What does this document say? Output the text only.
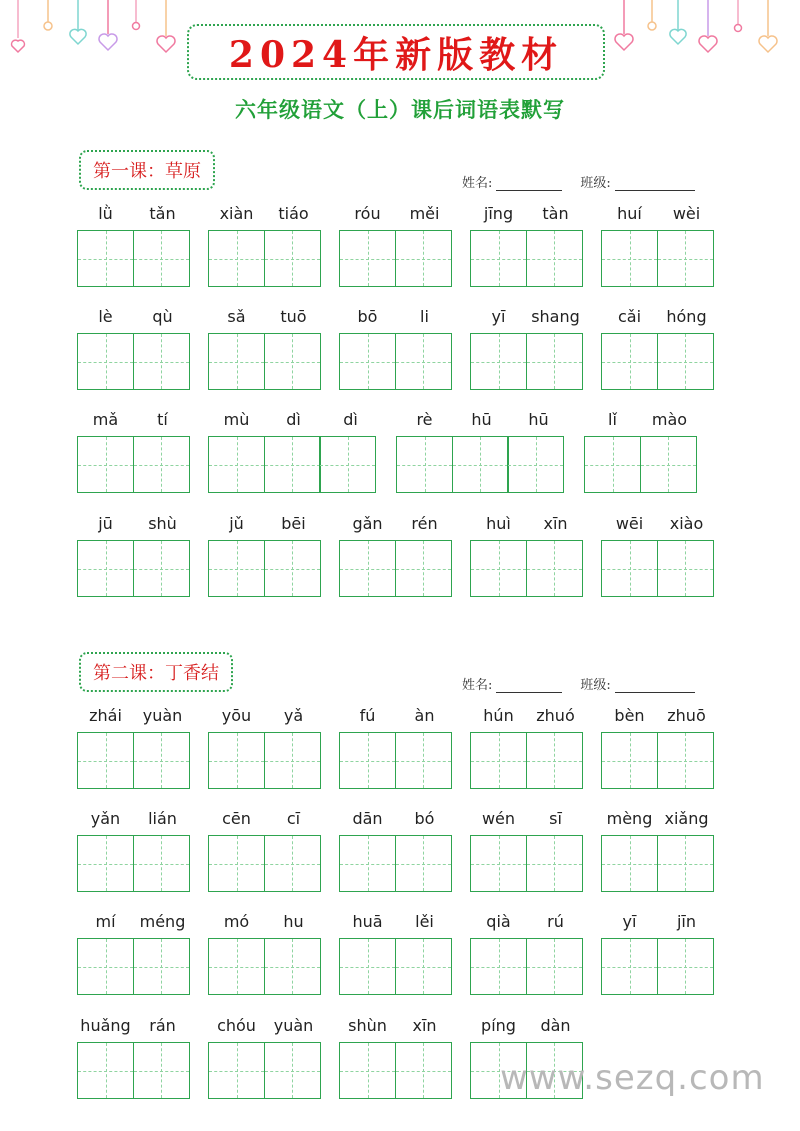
2024年新版教材
六年级语文（上）课后词语表默写
第一课：草原
姓名:	班级:
lǜ	tǎn	xiàn	tiáo	róu	měi	jīng	tàn	huí	wèi
lè	qù	sǎ	tuō	bō	li	yī	shang	cǎi	hóng
mǎ	tí	mù	dì	dì	rè	hū	hū	lǐ	mào
jū	shù	jǔ	bēi	gǎn	rén	huì	xīn	wēi	xiào
第二课：丁香结
姓名:	班级:
zhái	yuàn	yōu	yǎ	fú	àn	hún	zhuó	bèn	zhuō
yǎn	lián	cēn	cī	dān	bó	wén	sī	mèng xiǎng
mí	méng	mó	hu	huā	lěi	qià	rú	yī	jīn
huǎng	rán	chóu	yuàn	shùn	xīn	píng	dàn
www.sezq.com
